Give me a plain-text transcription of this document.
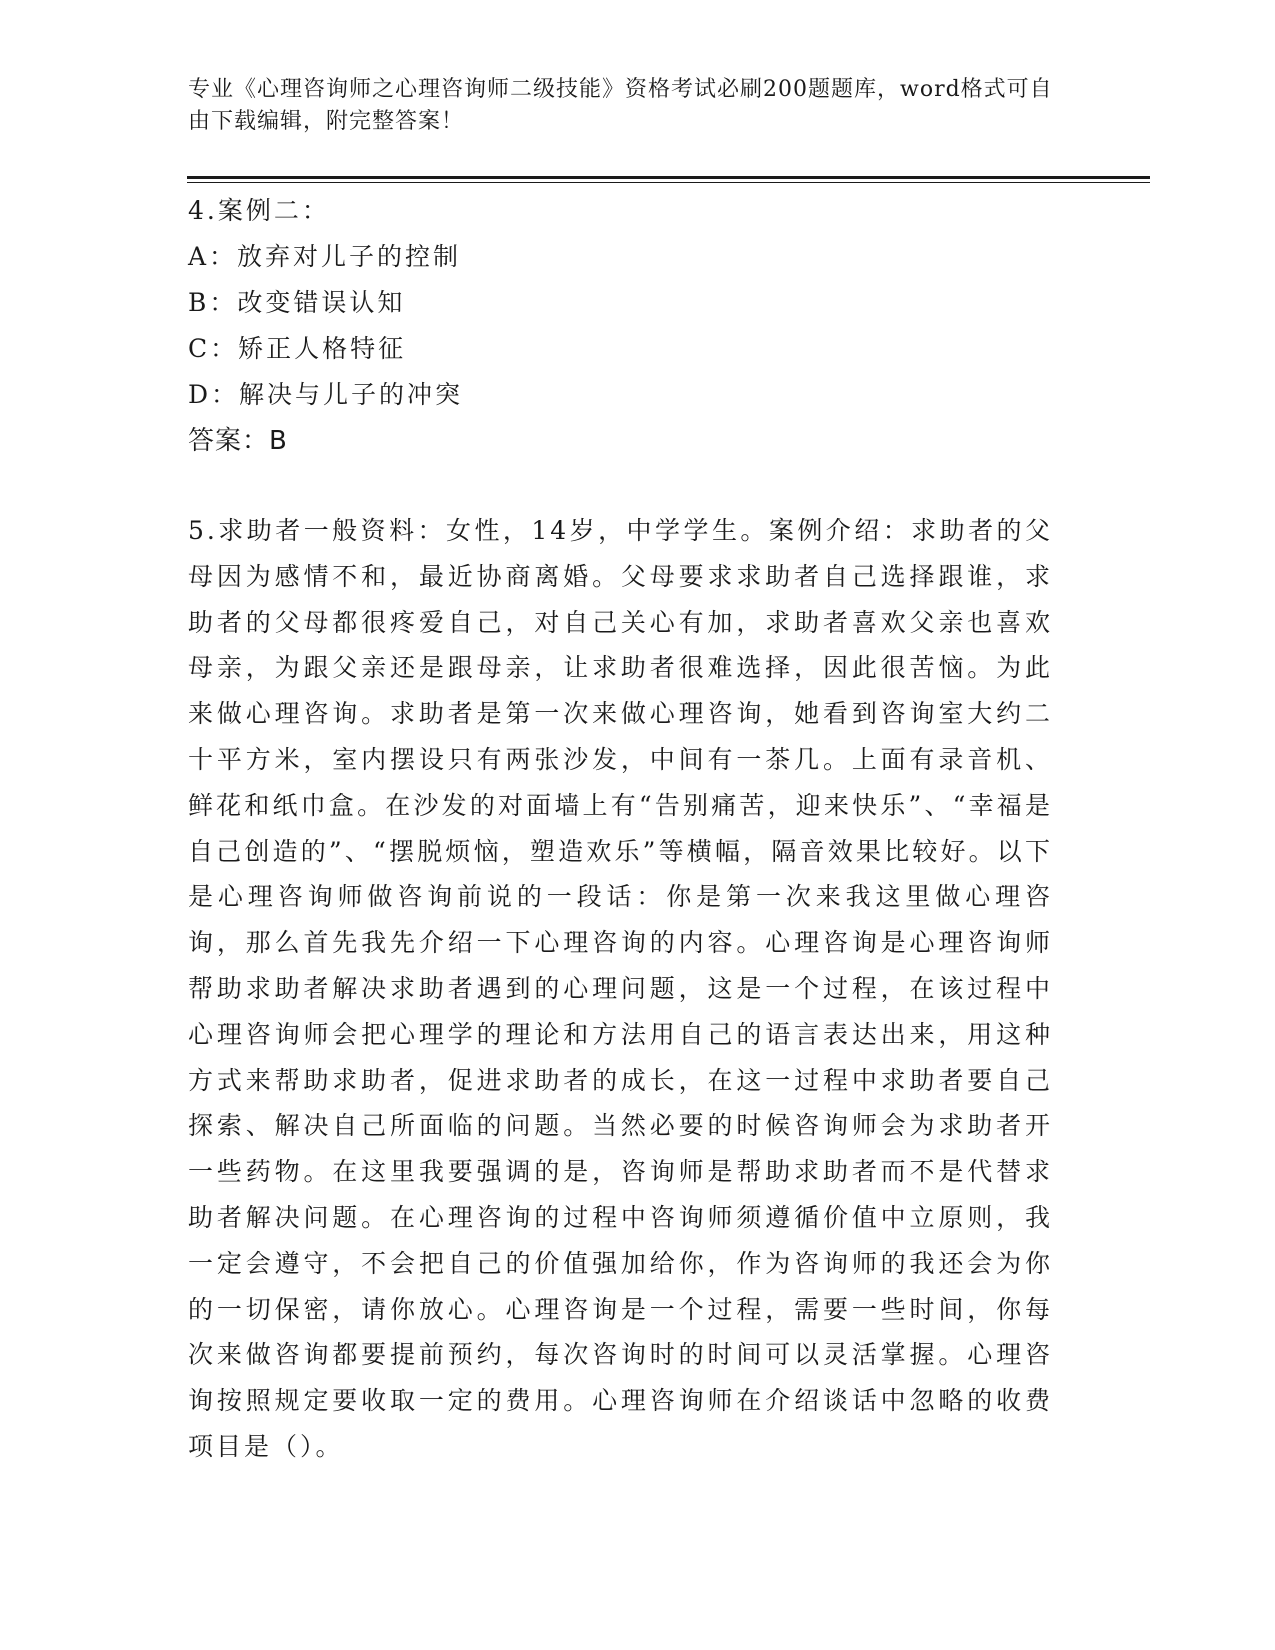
专业《心理咨询师之心理咨询师二级技能》资格考试必刷200题题库，word格式可自由下载编辑，附完整答案！
4.案例二：
A：放弃对儿子的控制
B：改变错误认知
C：矫正人格特征
D：解决与儿子的冲突
答案：B
5.求助者一般资料：女性，14岁，中学学生。案例介绍：求助者的父母因为感情不和，最近协商离婚。父母要求求助者自己选择跟谁，求助者的父母都很疼爱自己，对自己关心有加，求助者喜欢父亲也喜欢母亲，为跟父亲还是跟母亲，让求助者很难选择，因此很苦恼。为此来做心理咨询。求助者是第一次来做心理咨询，她看到咨询室大约二十平方米，室内摆设只有两张沙发，中间有一茶几。上面有录音机、鲜花和纸巾盒。在沙发的对面墙上有“告别痛苦，迎来快乐”、“幸福是自己创造的”、“摆脱烦恼，塑造欢乐”等横幅，隔音效果比较好。以下是心理咨询师做咨询前说的一段话：你是第一次来我这里做心理咨询，那么首先我先介绍一下心理咨询的内容。心理咨询是心理咨询师帮助求助者解决求助者遇到的心理问题，这是一个过程，在该过程中心理咨询师会把心理学的理论和方法用自己的语言表达出来，用这种方式来帮助求助者，促进求助者的成长，在这一过程中求助者要自己探索、解决自己所面临的问题。当然必要的时候咨询师会为求助者开一些药物。在这里我要强调的是，咨询师是帮助求助者而不是代替求助者解决问题。在心理咨询的过程中咨询师须遵循价值中立原则，我一定会遵守，不会把自己的价值强加给你，作为咨询师的我还会为你的一切保密，请你放心。心理咨询是一个过程，需要一些时间，你每次来做咨询都要提前预约，每次咨询时的时间可以灵活掌握。心理咨询按照规定要收取一定的费用。心理咨询师在介绍谈话中忽略的收费项目是（）。
